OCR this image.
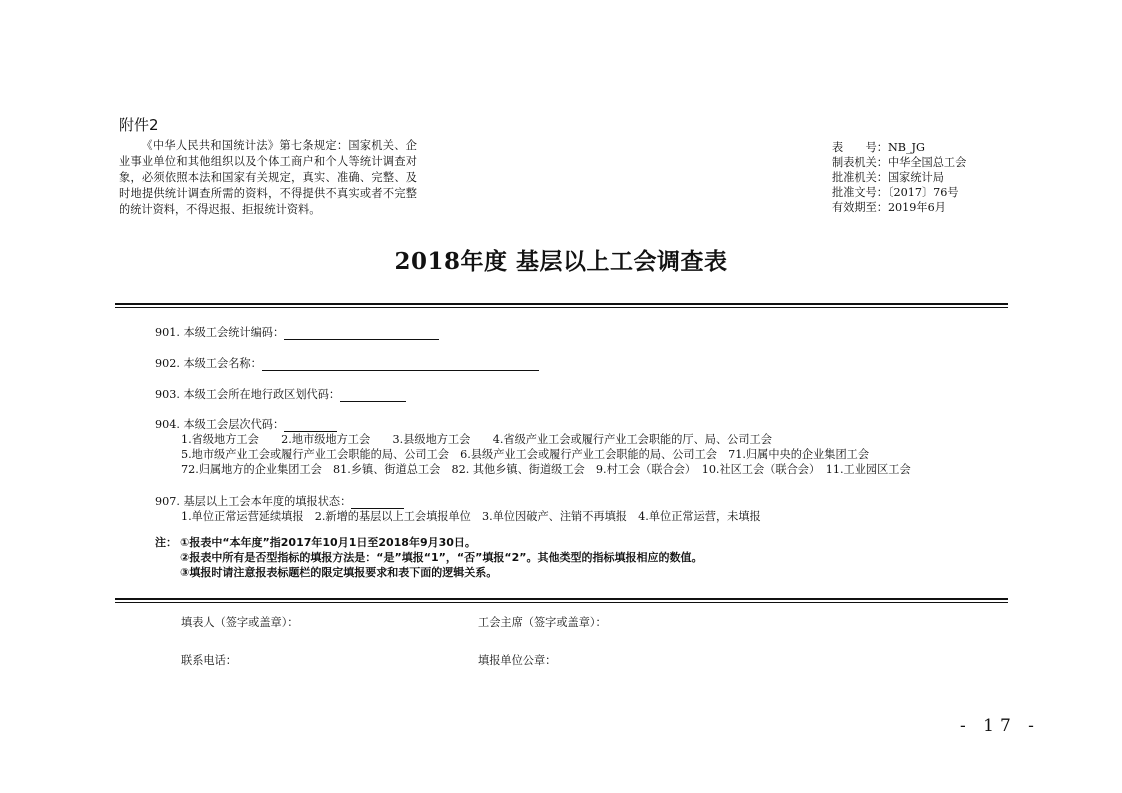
附件2
《中华人民共和国统计法》第七条规定：国家机关、企业事业单位和其他组织以及个体工商户和个人等统计调查对象，必须依照本法和国家有关规定，真实、准确、完整、及时地提供统计调查所需的资料，不得提供不真实或者不完整的统计资料，不得迟报、拒报统计资料。
表　　号：NB_JG
制表机关：中华全国总工会
批准机关：国家统计局
批准文号：〔2017〕76号
有效期至：2019年6月
2018年度 基层以上工会调查表
901. 本级工会统计编码：
902. 本级工会名称：
903. 本级工会所在地行政区划代码：
904. 本级工会层次代码：
1.省级地方工会　　2.地市级地方工会　　3.县级地方工会　　4.省级产业工会或履行产业工会职能的厅、局、公司工会
5.地市级产业工会或履行产业工会职能的局、公司工会　6.县级产业工会或履行产业工会职能的局、公司工会　71.归属中央的企业集团工会
72.归属地方的企业集团工会　81.乡镇、街道总工会　82. 其他乡镇、街道级工会　9.村工会（联合会）　10.社区工会（联合会）　11.工业园区工会
907. 基层以上工会本年度的填报状态：
1.单位正常运营延续填报　2.新增的基层以上工会填报单位　3.单位因破产、注销不再填报　4.单位正常运营，未填报
注： ①报表中“本年度”指2017年10月1日至2018年9月30日。
②报表中所有是否型指标的填报方法是：“是”填报“1”，“否”填报“2”。其他类型的指标填报相应的数值。
③填报时请注意报表标题栏的限定填报要求和表下面的逻辑关系。
填表人（签字或盖章）：	工会主席（签字或盖章）：
联系电话：	填报单位公章：
- 17 -
